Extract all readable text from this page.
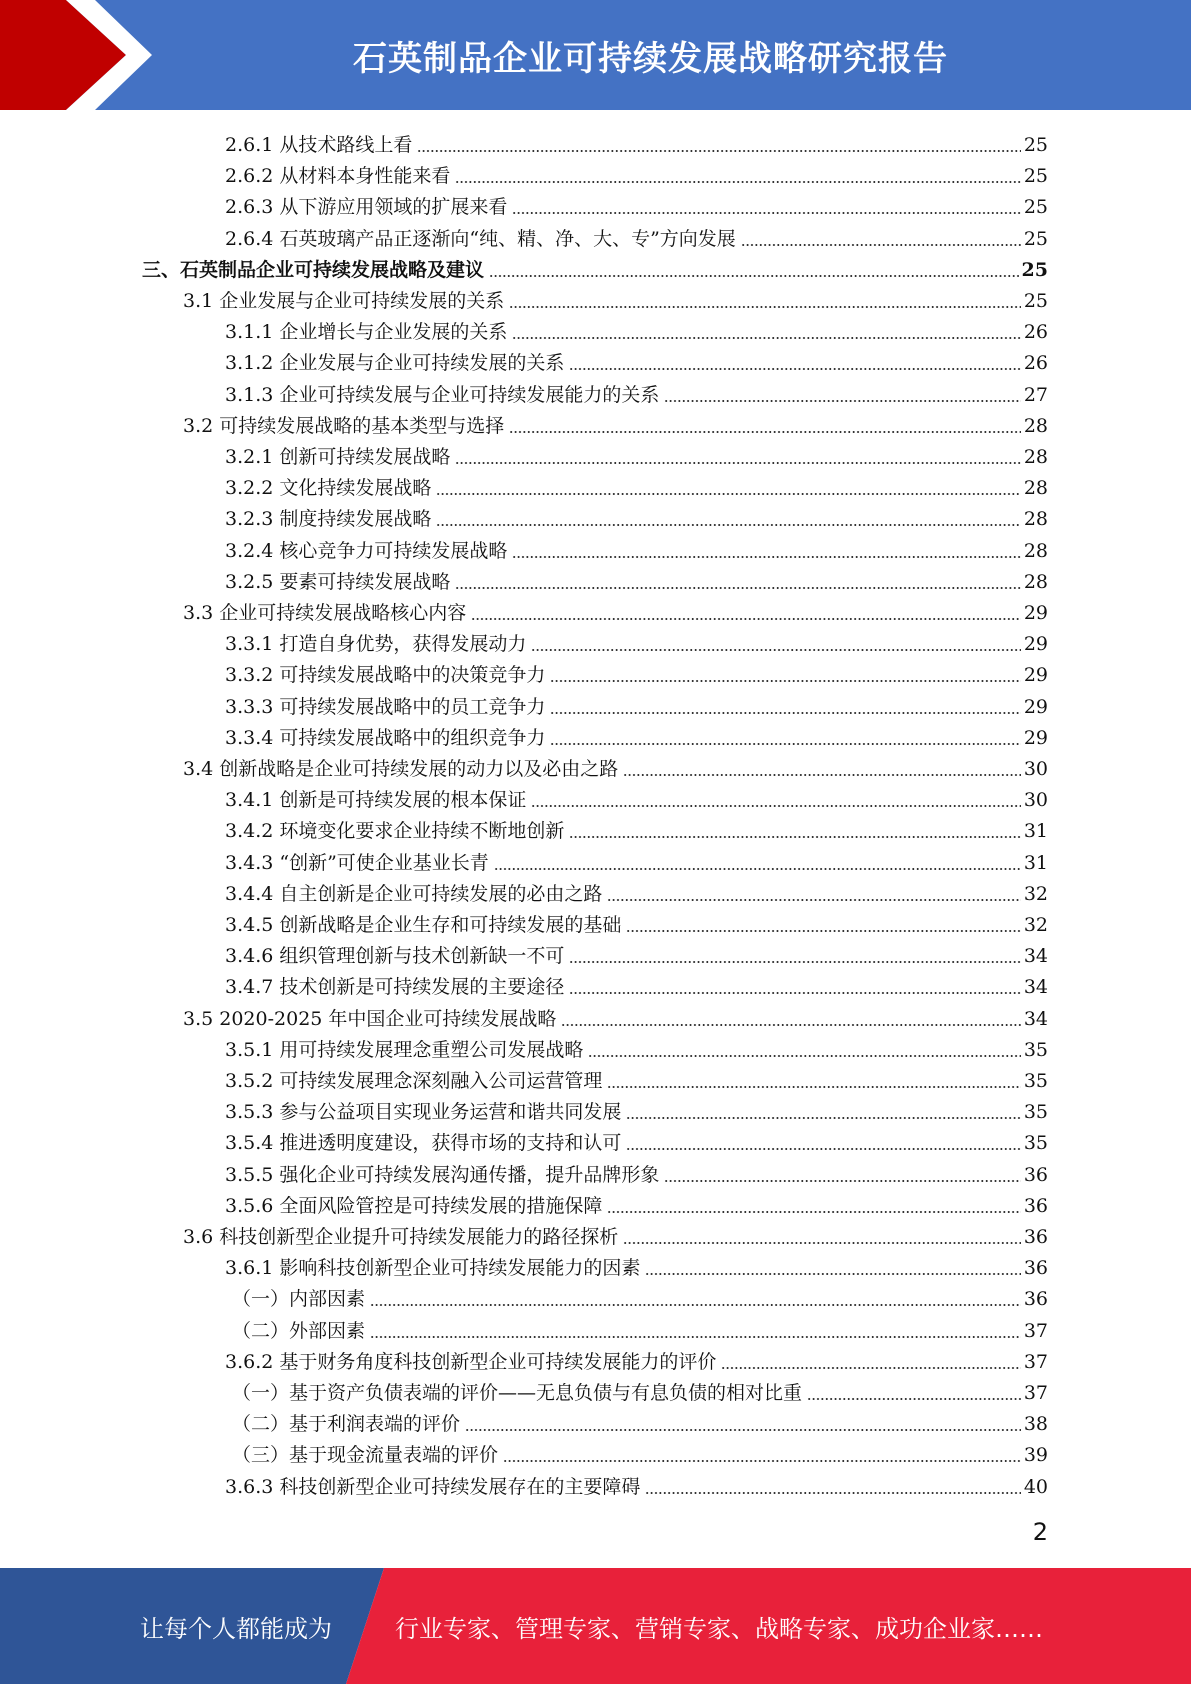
石英制品企业可持续发展战略研究报告
2.6.1 从技术路线上看	25
2.6.2 从材料本身性能来看	25
2.6.3 从下游应用领域的扩展来看	25
2.6.4 石英玻璃产品正逐渐向“纯、精、净、大、专”方向发展	25
三、石英制品企业可持续发展战略及建议	25
3.1 企业发展与企业可持续发展的关系	25
3.1.1 企业增长与企业发展的关系	26
3.1.2 企业发展与企业可持续发展的关系	26
3.1.3 企业可持续发展与企业可持续发展能力的关系	27
3.2 可持续发展战略的基本类型与选择	28
3.2.1 创新可持续发展战略	28
3.2.2 文化持续发展战略	28
3.2.3 制度持续发展战略	28
3.2.4 核心竞争力可持续发展战略	28
3.2.5 要素可持续发展战略	28
3.3 企业可持续发展战略核心内容	29
3.3.1 打造自身优势，获得发展动力	29
3.3.2 可持续发展战略中的决策竞争力	29
3.3.3 可持续发展战略中的员工竞争力	29
3.3.4 可持续发展战略中的组织竞争力	29
3.4 创新战略是企业可持续发展的动力以及必由之路	30
3.4.1 创新是可持续发展的根本保证	30
3.4.2 环境变化要求企业持续不断地创新	31
3.4.3 “创新”可使企业基业长青	31
3.4.4 自主创新是企业可持续发展的必由之路	32
3.4.5 创新战略是企业生存和可持续发展的基础	32
3.4.6 组织管理创新与技术创新缺一不可	34
3.4.7 技术创新是可持续发展的主要途径	34
3.5 2020-2025 年中国企业可持续发展战略	34
3.5.1 用可持续发展理念重塑公司发展战略	35
3.5.2 可持续发展理念深刻融入公司运营管理	35
3.5.3 参与公益项目实现业务运营和谐共同发展	35
3.5.4 推进透明度建设，获得市场的支持和认可	35
3.5.5 强化企业可持续发展沟通传播，提升品牌形象	36
3.5.6 全面风险管控是可持续发展的措施保障	36
3.6 科技创新型企业提升可持续发展能力的路径探析	36
3.6.1 影响科技创新型企业可持续发展能力的因素	36
（一）内部因素	36
（二）外部因素	37
3.6.2 基于财务角度科技创新型企业可持续发展能力的评价	37
（一）基于资产负债表端的评价——无息负债与有息负债的相对比重	37
（二）基于利润表端的评价	38
（三）基于现金流量表端的评价	39
3.6.3 科技创新型企业可持续发展存在的主要障碍	40
2
让每个人都能成为	行业专家、管理专家、营销专家、战略专家、成功企业家……
